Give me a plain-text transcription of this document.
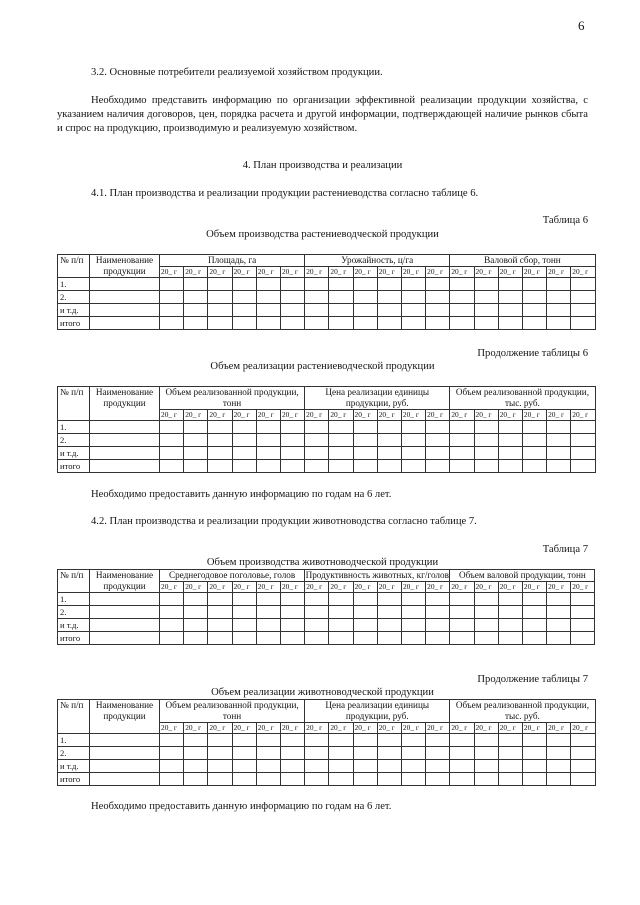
6
3.2. Основные потребители реализуемой хозяйством продукции.
Необходимо представить информацию по организации эффективной реализации продукции хозяйства, с указанием наличия договоров, цен, порядка расчета и другой информации, подтверждающей наличие рынков сбыта и спрос на продукцию, производимую и реализуемую хозяйством.
4. План производства и реализации
4.1. План производства и реализации продукции растениеводства согласно таблице 6.
Таблица 6
Объем производства растениеводческой продукции
№ п/п	Наименование продукции	Площадь, га						Урожайность, ц/га						Валовой сбор, тонн					
		20_ г	20_ г	20_ г	20_ г	20_ г	20_ г	20_ г	20_ г	20_ г	20_ г	20_ г	20_ г	20_ г	20_ г	20_ г	20_ г	20_ г	20_ г
1.																			
2.																			
и т.д.																			
итого																			
Продолжение таблицы 6
Объем реализации растениеводческой продукции
№ п/п	Наименование продукции	Объем реализованной продукции, тонн						Цена реализации единицы продукции, руб.						Объем реализованной продукции, тыс. руб.					
		20_ г	20_ г	20_ г	20_ г	20_ г	20_ г	20_ г	20_ г	20_ г	20_ г	20_ г	20_ г	20_ г	20_ г	20_ г	20_ г	20_ г	20_ г
1.																			
2.																			
и т.д.																			
итого																			
Необходимо предоставить данную информацию по годам на 6 лет.
4.2. План производства и реализации продукции животноводства согласно таблице 7.
Таблица 7
Объем производства животноводческой продукции
№ п/п	Наименование продукции	Среднегодовое поголовье, голов						Продуктивность животных, кг/голов						Объем валовой продукции, тонн					
		20_ г	20_ г	20_ г	20_ г	20_ г	20_ г	20_ г	20_ г	20_ г	20_ г	20_ г	20_ г	20_ г	20_ г	20_ г	20_ г	20_ г	20_ г
1.																			
2.																			
и т.д.																			
итого																			
Продолжение таблицы 7
Объем реализации животноводческой продукции
№ п/п	Наименование продукции	Объем реализованной продукции, тонн						Цена реализации единицы продукции, руб.						Объем реализованной продукции, тыс. руб.					
		20_ г	20_ г	20_ г	20_ г	20_ г	20_ г	20_ г	20_ г	20_ г	20_ г	20_ г	20_ г	20_ г	20_ г	20_ г	20_ г	20_ г	20_ г
1.																			
2.																			
и т.д.																			
итого																			
Необходимо предоставить данную информацию по годам на 6 лет.
